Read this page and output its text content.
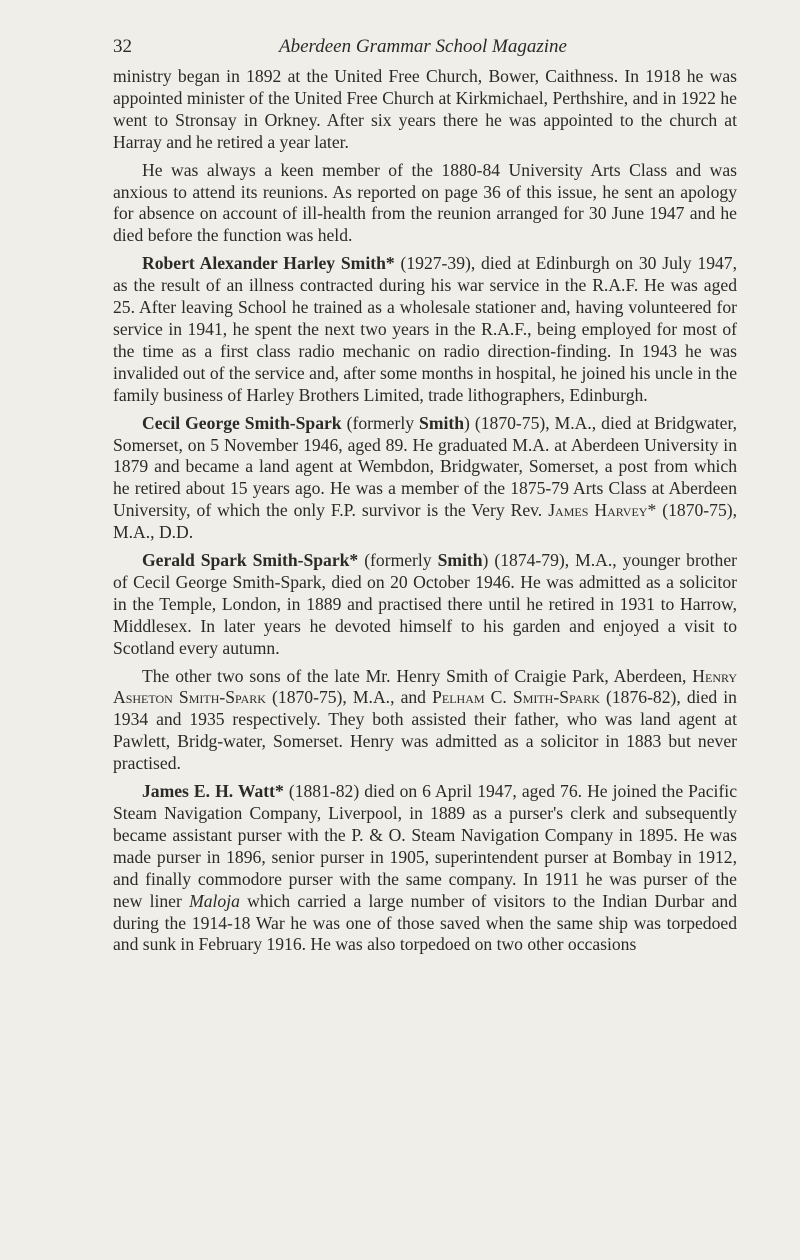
32	Aberdeen Grammar School Magazine

ministry began in 1892 at the United Free Church, Bower, Caithness. In 1918 he was appointed minister of the United Free Church at Kirkmichael, Perthshire, and in 1922 he went to Stronsay in Orkney. After six years there he was appointed to the church at Harray and he retired a year later.

He was always a keen member of the 1880-84 University Arts Class and was anxious to attend its reunions. As reported on page 36 of this issue, he sent an apology for absence on account of ill-health from the reunion arranged for 30 June 1947 and he died before the function was held.

Robert Alexander Harley Smith* (1927-39), died at Edinburgh on 30 July 1947, as the result of an illness contracted during his war service in the R.A.F. He was aged 25. After leaving School he trained as a wholesale stationer and, having volunteered for service in 1941, he spent the next two years in the R.A.F., being employed for most of the time as a first class radio mechanic on radio direction-finding. In 1943 he was invalided out of the service and, after some months in hospital, he joined his uncle in the family business of Harley Brothers Limited, trade lithographers, Edinburgh.

Cecil George Smith-Spark (formerly Smith) (1870-75), M.A., died at Bridgwater, Somerset, on 5 November 1946, aged 89. He graduated M.A. at Aberdeen University in 1879 and became a land agent at Wembdon, Bridgwater, Somerset, a post from which he retired about 15 years ago. He was a member of the 1875-79 Arts Class at Aberdeen University, of which the only F.P. survivor is the Very Rev. James Harvey* (1870-75), M.A., D.D.

Gerald Spark Smith-Spark* (formerly Smith) (1874-79), M.A., younger brother of Cecil George Smith-Spark, died on 20 October 1946. He was admitted as a solicitor in the Temple, London, in 1889 and practised there until he retired in 1931 to Harrow, Middlesex. In later years he devoted himself to his garden and enjoyed a visit to Scotland every autumn.

The other two sons of the late Mr. Henry Smith of Craigie Park, Aberdeen, Henry Asheton Smith-Spark (1870-75), M.A., and Pelham C. Smith-Spark (1876-82), died in 1934 and 1935 respectively. They both assisted their father, who was land agent at Pawlett, Bridg-water, Somerset. Henry was admitted as a solicitor in 1883 but never practised.

James E. H. Watt* (1881-82) died on 6 April 1947, aged 76. He joined the Pacific Steam Navigation Company, Liverpool, in 1889 as a purser's clerk and subsequently became assistant purser with the P. & O. Steam Navigation Company in 1895. He was made purser in 1896, senior purser in 1905, superintendent purser at Bombay in 1912, and finally commodore purser with the same company. In 1911 he was purser of the new liner Maloja which carried a large number of visitors to the Indian Durbar and during the 1914-18 War he was one of those saved when the same ship was torpedoed and sunk in February 1916. He was also torpedoed on two other occasions
